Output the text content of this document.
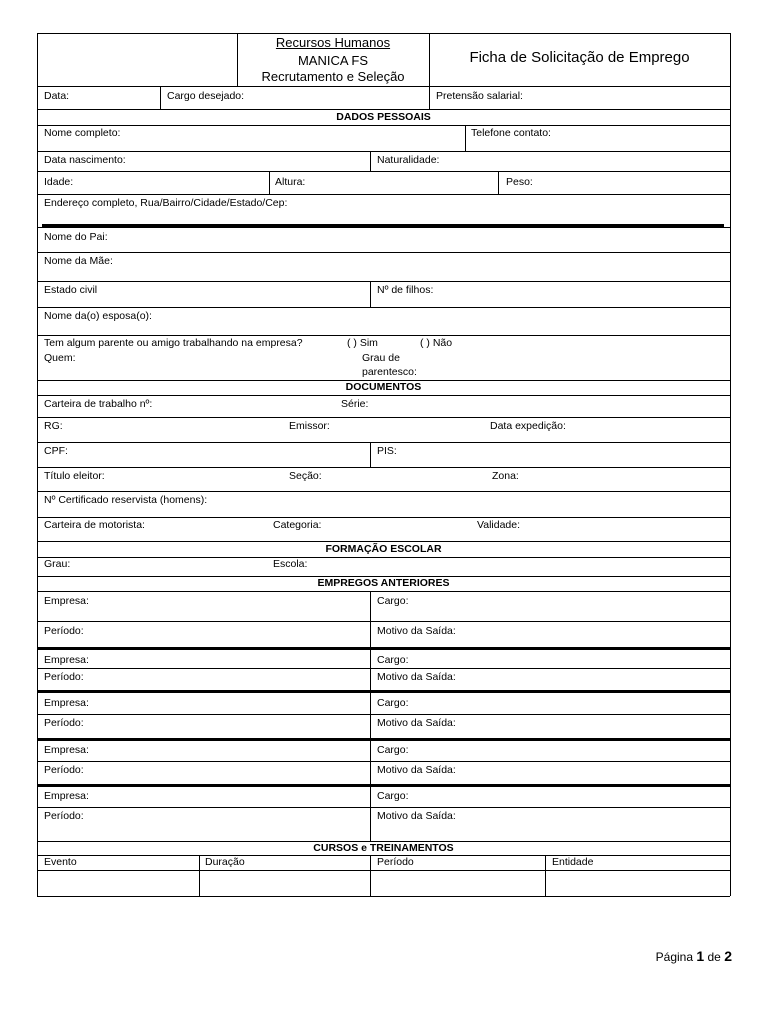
Recursos Humanos
MANICA FS
Recrutamento e Seleção
Ficha de Solicitação de Emprego
Data:	Cargo desejado:	Pretensão salarial:
DADOS PESSOAIS
Nome completo:	Telefone contato:
Data nascimento:	Naturalidade:
Idade:	Altura:	Peso:
Endereço completo, Rua/Bairro/Cidade/Estado/Cep:
Nome do Pai:
Nome da Mãe:
Estado civil	Nº de filhos:
Nome da(o) esposa(o):
Tem algum parente ou amigo trabalhando na empresa?	( ) Sim	( ) Não
Quem:	Grau de
parentesco:
DOCUMENTOS
Carteira de trabalho nº:	Série:
RG:	Emissor:	Data expedição:
CPF:	PIS:
Título eleitor:	Seção:	Zona:
Nº Certificado reservista (homens):
Carteira de motorista:	Categoria:	Validade:
FORMAÇÃO ESCOLAR
Grau:	Escola:
EMPREGOS ANTERIORES
Empresa:	Cargo:
Período:	Motivo da Saída:
Empresa:	Cargo:
Período:	Motivo da Saída:
Empresa:	Cargo:
Período:	Motivo da Saída:
Empresa:	Cargo:
Período:	Motivo da Saída:
Empresa:	Cargo:
Período:	Motivo da Saída:
CURSOS e TREINAMENTOS
Evento	Duração	Período	Entidade
Página 1 de 2
